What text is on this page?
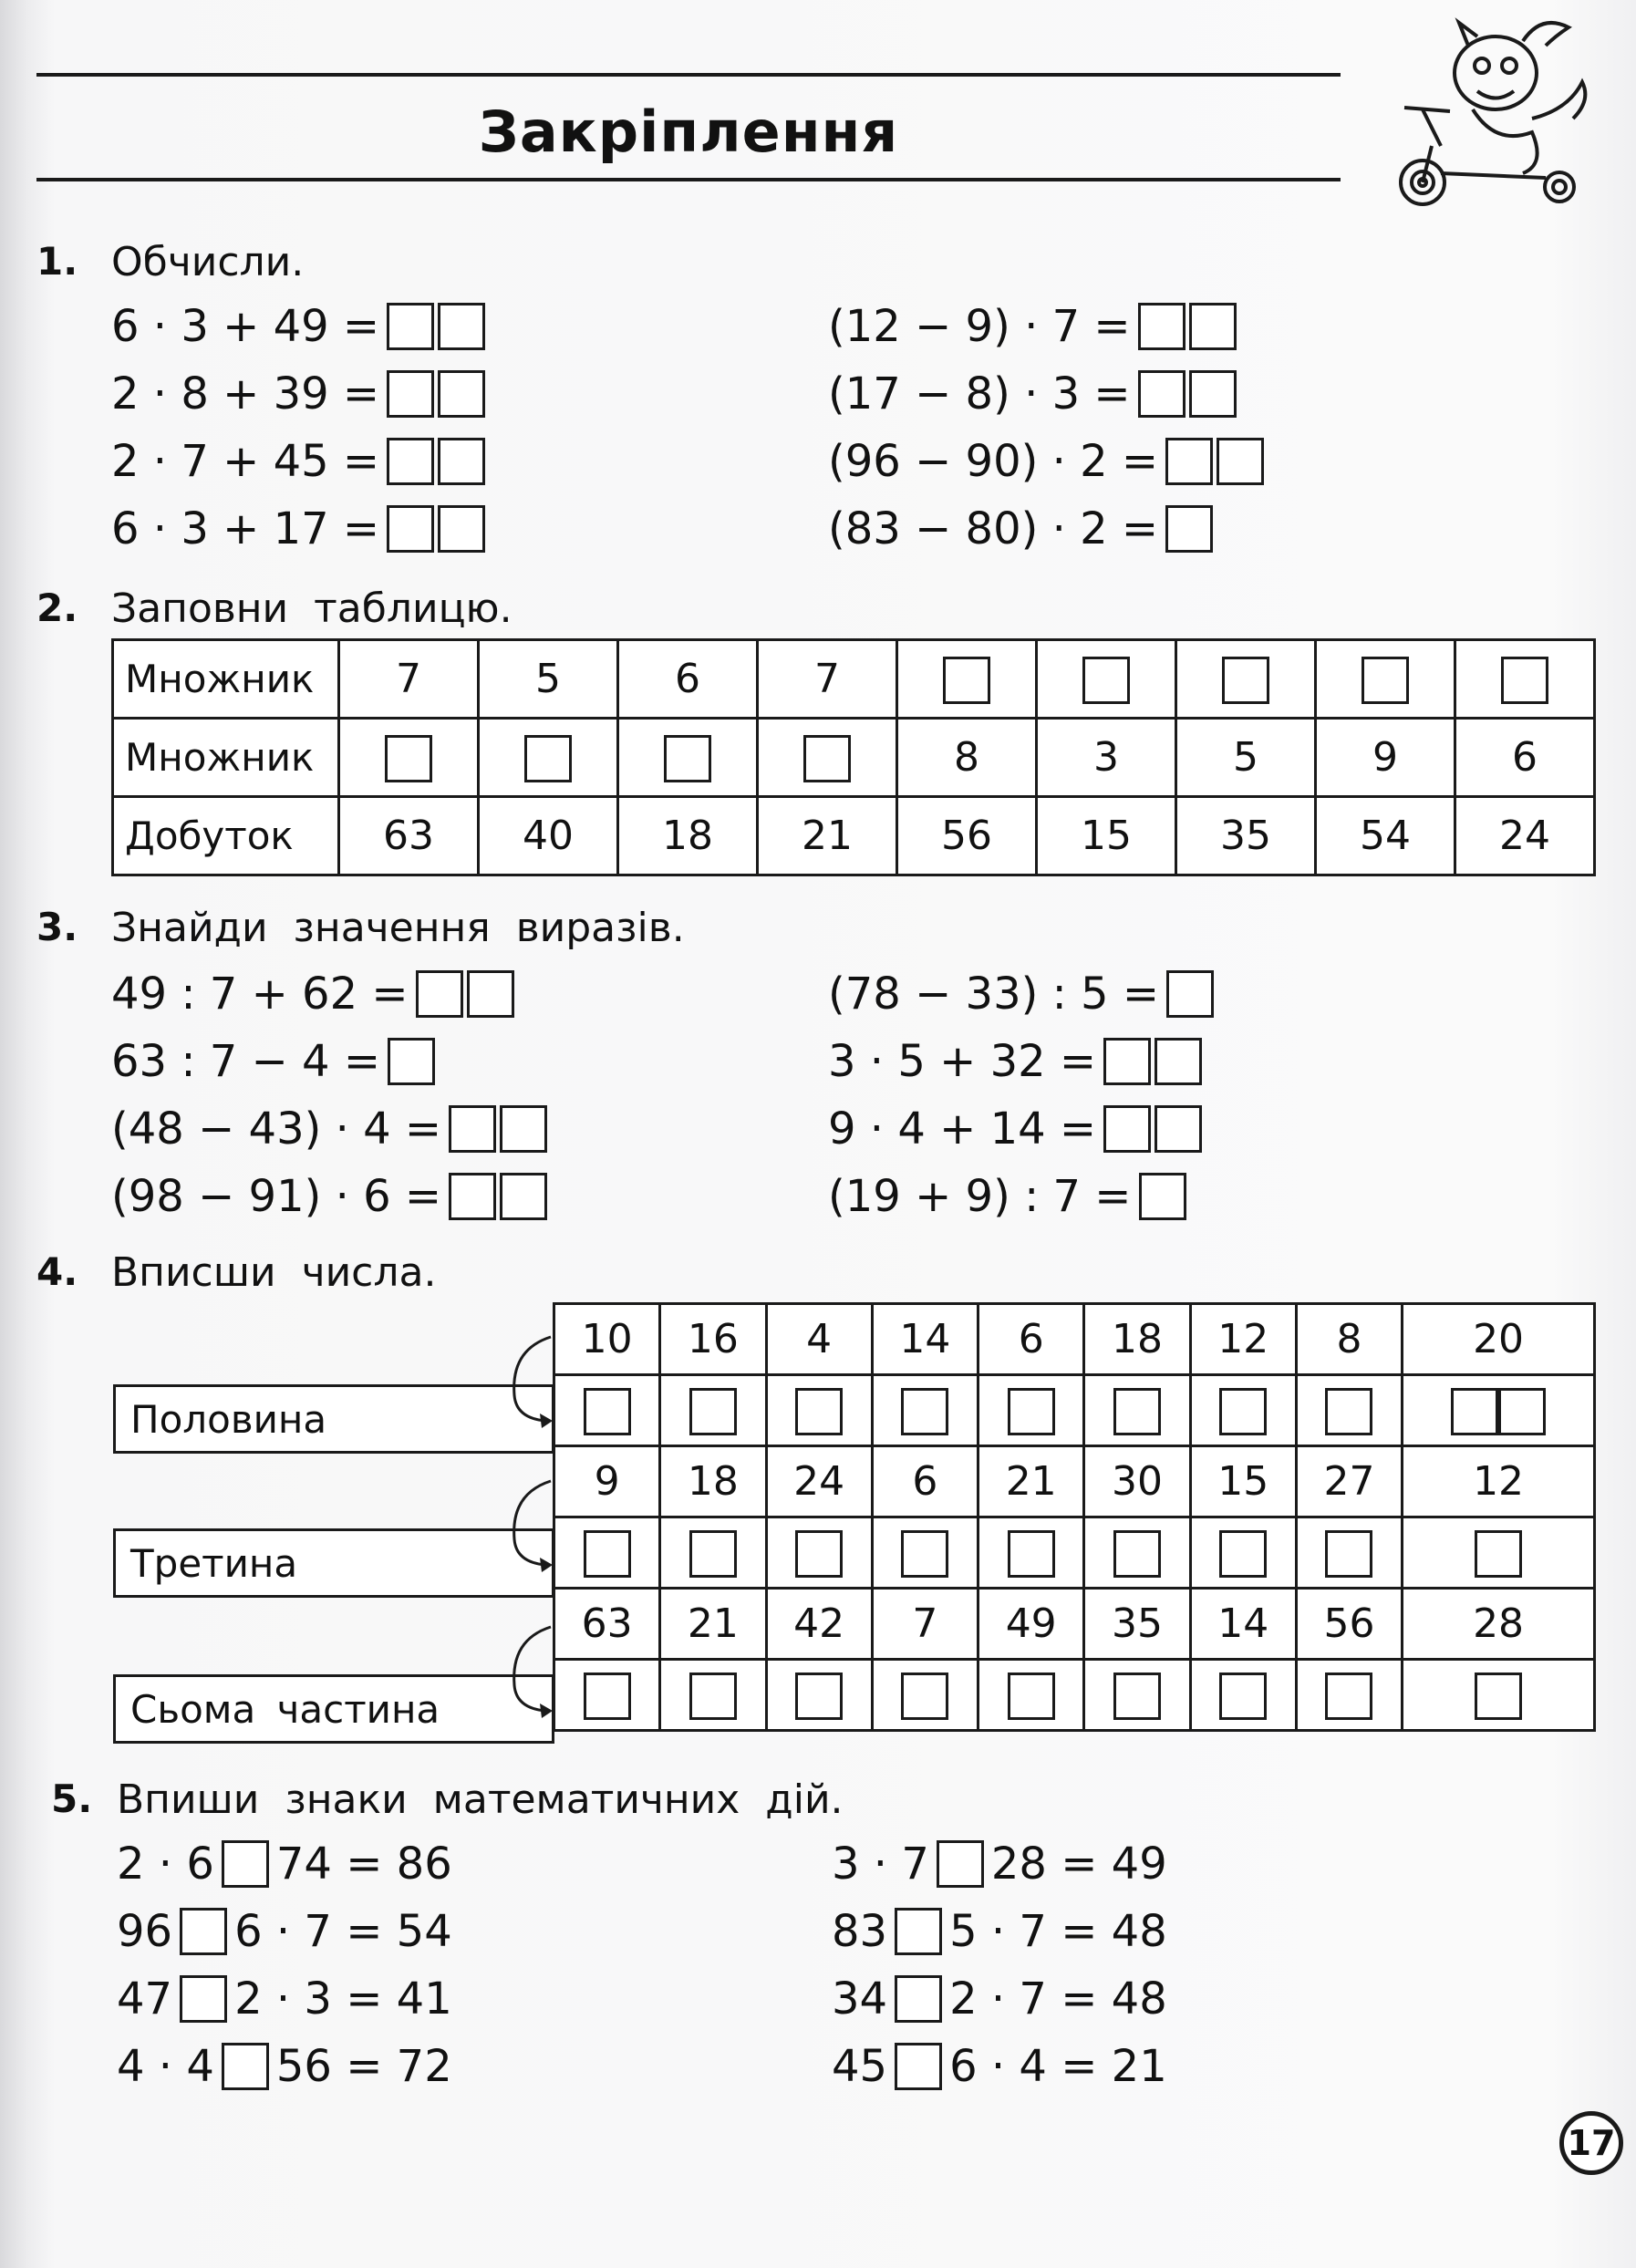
Закріплення
1. Обчисли.
6 · 3 + 49 =
2 · 8 + 39 =
2 · 7 + 45 =
6 · 3 + 17 =
(12 − 9) · 7 =
(17 − 8) · 3 =
(96 − 90) · 2 =
(83 − 80) · 2 =
2. Заповни таблицю.
Множник	7	5	6	7					
Множник					8	3	5	9	6
Добуток	63	40	18	21	56	15	35	54	24
3. Знайди значення виразів.
49 : 7 + 62 =
63 : 7 − 4 =
(48 − 43) · 4 =
(98 − 91) · 6 =
(78 − 33) : 5 =
3 · 5 + 32 =
9 · 4 + 14 =
(19 + 9) : 7 =
4. Вписши числа.
10	16	4	14	6	18	12	8	20

9	18	24	6	21	30	15	27	12

63	21	42	7	49	35	14	56	28

Половина
Третина
Сьома частина
5. Впиши знаки математичних дій.
2 · 6 74 = 86
96 6 · 7 = 54
47 2 · 3 = 41
4 · 4 56 = 72
3 · 7 28 = 49
83 5 · 7 = 48
34 2 · 7 = 48
45 6 · 4 = 21
17
